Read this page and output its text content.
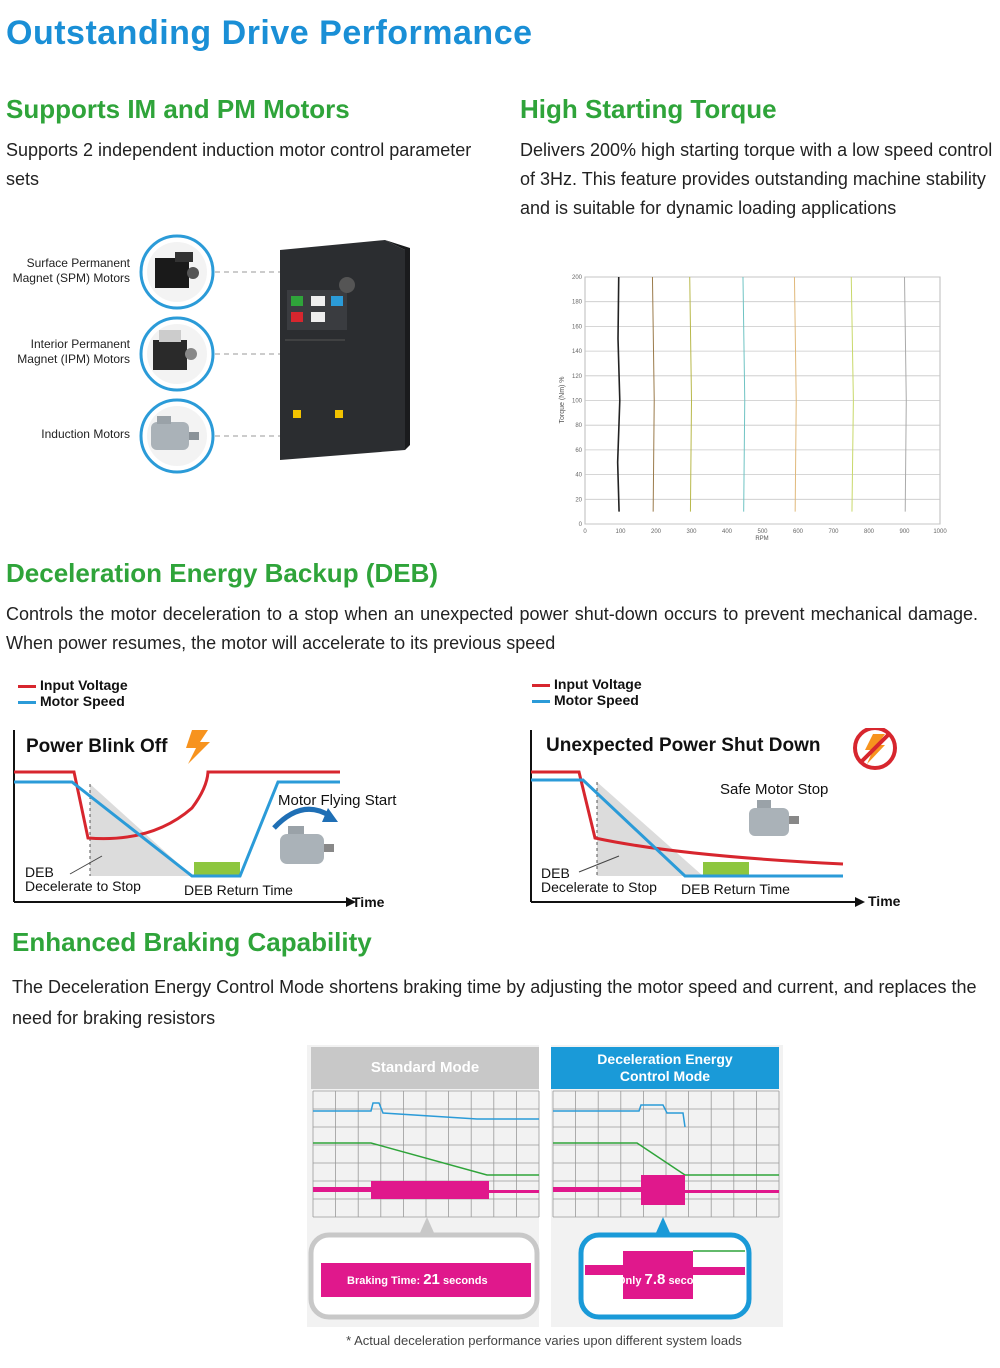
Outstanding Drive Performance
Supports IM and PM Motors
Supports 2 independent induction motor control parameter sets
Surface Permanent
Magnet (SPM) Motors
Interior Permanent
Magnet (IPM) Motors
Induction Motors
High Starting Torque
Delivers 200% high starting torque with a low speed control of 3Hz. This feature provides outstanding machine stability and is suitable for dynamic loading applications
0
20
40
60
80
100
120
140
160
180
200
0	100	200	300	400	500	600	700	800	900	1000
Torque (Nm) %
RPM
Deceleration Energy Backup (DEB)
Controls the motor deceleration to a stop when an unexpected power shut-down occurs to prevent mechanical damage. When power resumes, the motor will accelerate to its previous speed
Input Voltage
Motor Speed
Input Voltage
Motor Speed
Power Blink Off
Motor Flying Start
DEB
Decelerate to Stop	DEB Return Time
Time
Unexpected Power Shut Down
Safe Motor Stop
DEB
Decelerate to Stop DEB Return Time
Time
Enhanced Braking Capability
The Deceleration Energy Control Mode shortens braking time by adjusting the motor speed and current, and replaces the need for braking resistors
Standard Mode	Deceleration Energy
Control Mode
Braking Time: 21 seconds	Only 7.8 seconds!
* Actual deceleration performance varies upon different system loads
